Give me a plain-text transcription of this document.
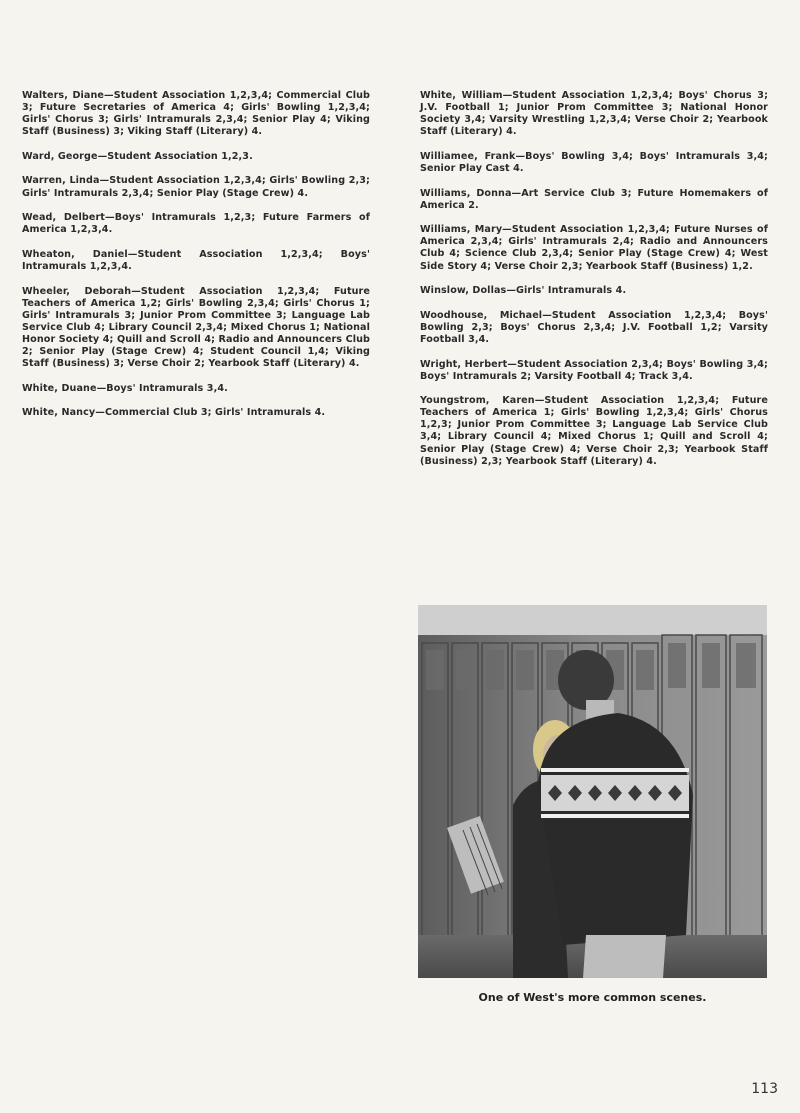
Walters, Diane—Student Association 1,2,3,4; Commercial Club 3; Future Secretaries of America 4; Girls' Bowling 1,2,3,4; Girls' Chorus 3; Girls' Intramurals 2,3,4; Senior Play 4; Viking Staff (Business) 3; Viking Staff (Literary) 4.

Ward, George—Student Association 1,2,3.

Warren, Linda—Student Association 1,2,3,4; Girls' Bowling 2,3; Girls' Intramurals 2,3,4; Senior Play (Stage Crew) 4.

Wead, Delbert—Boys' Intramurals 1,2,3; Future Farmers of America 1,2,3,4.

Wheaton, Daniel—Student Association 1,2,3,4; Boys' Intramurals 1,2,3,4.

Wheeler, Deborah—Student Association 1,2,3,4; Future Teachers of America 1,2; Girls' Bowling 2,3,4; Girls' Chorus 1; Girls' Intramurals 3; Junior Prom Committee 3; Language Lab Service Club 4; Library Council 2,3,4; Mixed Chorus 1; National Honor Society 4; Quill and Scroll 4; Radio and Announcers Club 2; Senior Play (Stage Crew) 4; Student Council 1,4; Viking Staff (Business) 3; Verse Choir 2; Yearbook Staff (Literary) 4.

White, Duane—Boys' Intramurals 3,4.

White, Nancy—Commercial Club 3; Girls' Intramurals 4.

White, William—Student Association 1,2,3,4; Boys' Chorus 3; J.V. Football 1; Junior Prom Committee 3; National Honor Society 3,4; Varsity Wrestling 1,2,3,4; Verse Choir 2; Yearbook Staff (Literary) 4.

Williamee, Frank—Boys' Bowling 3,4; Boys' Intramurals 3,4; Senior Play Cast 4.

Williams, Donna—Art Service Club 3; Future Homemakers of America 2.

Williams, Mary—Student Association 1,2,3,4; Future Nurses of America 2,3,4; Girls' Intramurals 2,4; Radio and Announcers Club 4; Science Club 2,3,4; Senior Play (Stage Crew) 4; West Side Story 4; Verse Choir 2,3; Yearbook Staff (Business) 1,2.

Winslow, Dollas—Girls' Intramurals 4.

Woodhouse, Michael—Student Association 1,2,3,4; Boys' Bowling 2,3; Boys' Chorus 2,3,4; J.V. Football 1,2; Varsity Football 3,4.

Wright, Herbert—Student Association 2,3,4; Boys' Bowling 3,4; Boys' Intramurals 2; Varsity Football 4; Track 3,4.

Youngstrom, Karen—Student Association 1,2,3,4; Future Teachers of America 1; Girls' Bowling 1,2,3,4; Girls' Chorus 1,2,3; Junior Prom Committee 3; Language Lab Service Club 3,4; Library Council 4; Mixed Chorus 1; Quill and Scroll 4; Senior Play (Stage Crew) 4; Verse Choir 2,3; Yearbook Staff (Business) 2,3; Yearbook Staff (Literary) 4.

One of West's more common scenes.
113
